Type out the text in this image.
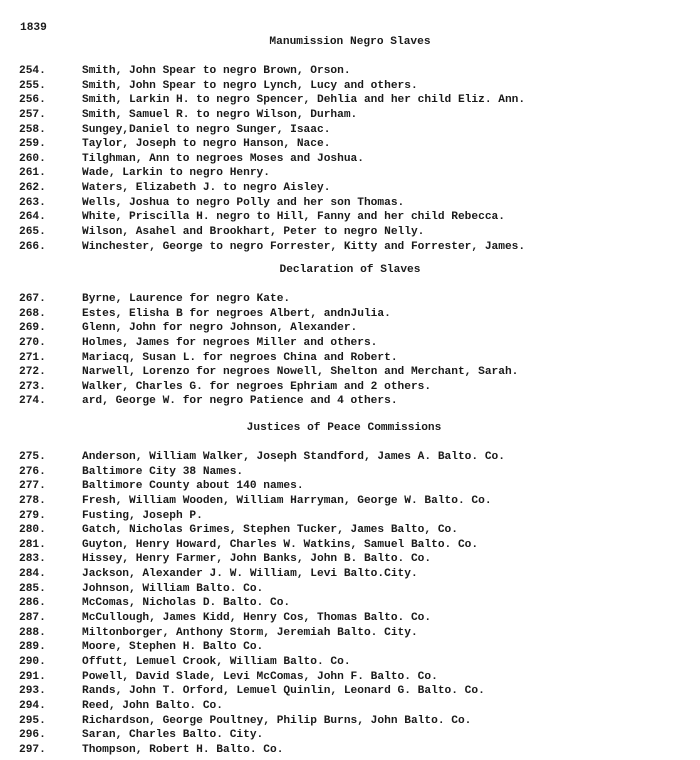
1839
Manumission Negro Slaves
254.	Smith, John Spear to negro Brown, Orson.
255.	Smith, John Spear to negro Lynch, Lucy and others.
256.	Smith, Larkin H. to negro Spencer, Dehlia and her child Eliz. Ann.
257.	Smith, Samuel R. to negro Wilson, Durham.
258.	Sungey,Daniel to negro Sunger, Isaac.
259.	Taylor, Joseph to negro Hanson, Nace.
260.	Tilghman, Ann to negroes Moses and Joshua.
261.	Wade, Larkin to negro Henry.
262.	Waters, Elizabeth J. to negro Aisley.
263.	Wells, Joshua to negro Polly and her son Thomas.
264.	White, Priscilla H. negro to Hill, Fanny and her child Rebecca.
265.	Wilson, Asahel and Brookhart, Peter to negro Nelly.
266.	Winchester, George to negro Forrester, Kitty and Forrester, James.
Declaration of Slaves
267.	Byrne, Laurence for negro Kate.
268.	Estes, Elisha B for negroes Albert, andnJulia.
269.	Glenn, John for negro Johnson, Alexander.
270.	Holmes, James for negroes Miller and others.
271.	Mariacq, Susan L. for negroes China and Robert.
272.	Narwell, Lorenzo for negroes Nowell, Shelton and Merchant, Sarah.
273.	Walker, Charles G. for negroes Ephriam and 2 others.
274.	ard, George W. for negro Patience and 4 others.
Justices of Peace Commissions
275.	Anderson, William Walker, Joseph Standford, James A. Balto. Co.
276.	Baltimore City 38 Names.
277.	Baltimore County about 140 names.
278.	Fresh, William Wooden, William Harryman, George W. Balto. Co.
279.	Fusting, Joseph P.
280.	Gatch, Nicholas Grimes, Stephen Tucker, James Balto, Co.
281.	Guyton, Henry Howard, Charles W. Watkins, Samuel Balto. Co.
283.	Hissey, Henry Farmer, John Banks, John B. Balto. Co.
284.	Jackson, Alexander J. W. William, Levi Balto.City.
285.	Johnson, William Balto. Co.
286.	McComas, Nicholas D. Balto. Co.
287.	McCullough, James Kidd, Henry Cos, Thomas Balto. Co.
288.	Miltonborger, Anthony Storm, Jeremiah Balto. City.
289.	Moore, Stephen H. Balto Co.
290.	Offutt, Lemuel Crook, William Balto. Co.
291.	Powell, David Slade, Levi McComas, John F. Balto. Co.
293.	Rands, John T. Orford, Lemuel Quinlin, Leonard G. Balto. Co.
294.	Reed, John Balto. Co.
295.	Richardson, George Poultney, Philip Burns, John Balto. Co.
296.	Saran, Charles Balto. City.
297.	Thompson, Robert H. Balto. Co.
